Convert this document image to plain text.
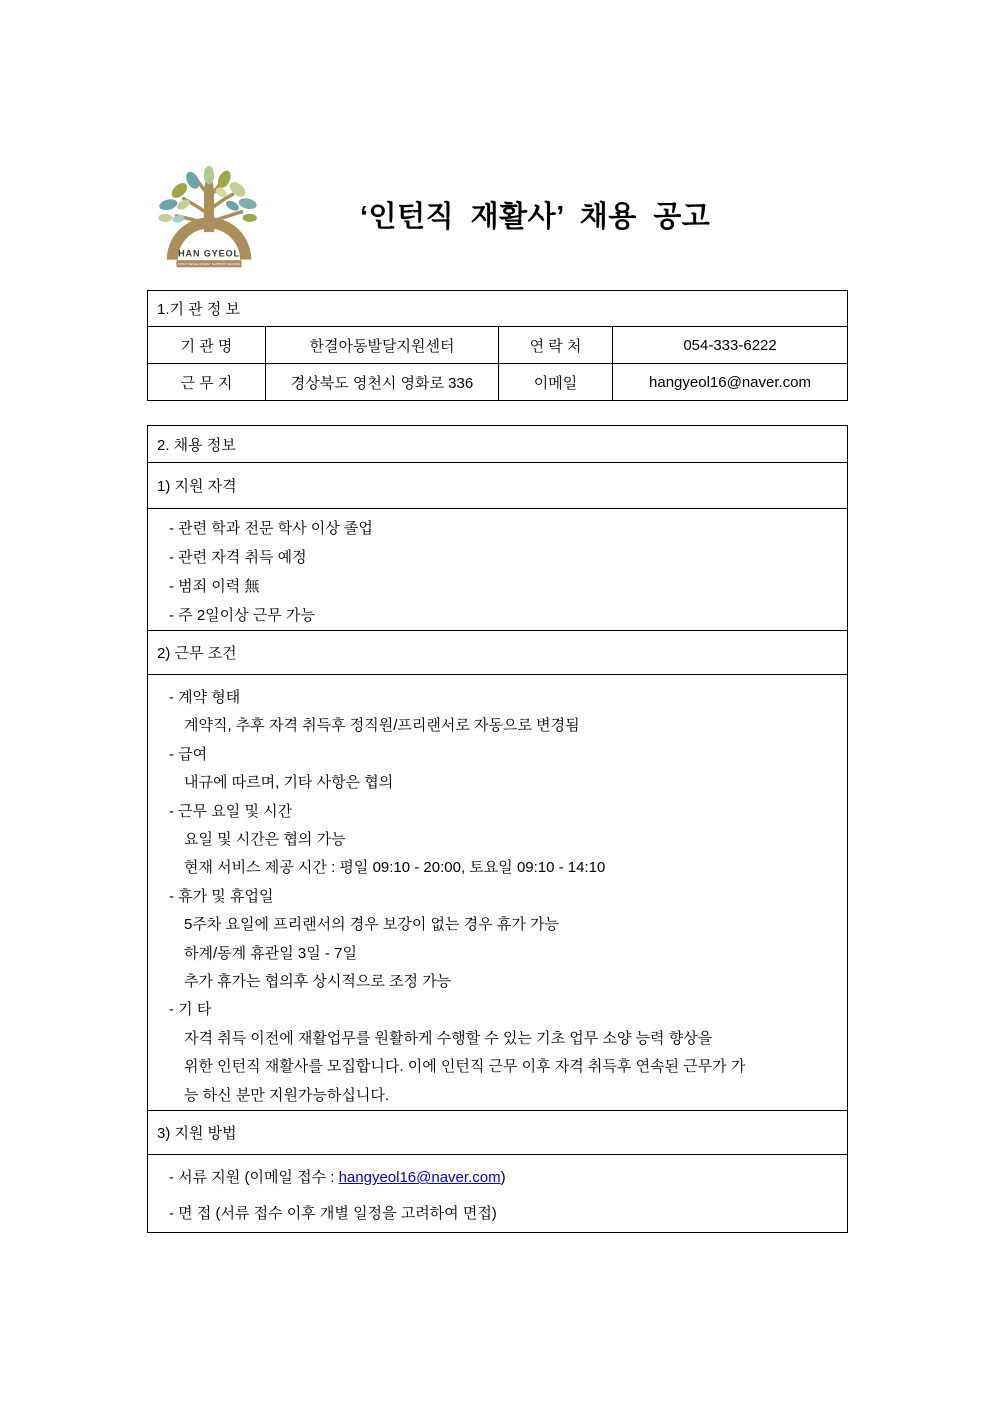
HAN GYEOL
CHILD DEVELOPMENT SUPPORT CENTER
‘인턴직 재활사’ 채용 공고
1.기 관 정 보			
기 관 명	한결아동발달지원센터	연 락 처	054-333-6222
근 무 지	경상북도 영천시 영화로 336	이메일	hangyeol16@naver.com
2. 채용 정보
1) 지원 자격

- 관련 학과 전문 학사 이상 졸업
- 관련 자격 취득 예정
- 범죄 이력 無
- 주 2일이상 근무 가능

2) 근무 조건

- 계약 형태
계약직, 추후 자격 취득후 정직원/프리랜서로 자동으로 변경됨
- 급여
내규에 따르며, 기타 사항은 협의
- 근무 요일 및 시간
요일 및 시간은 협의 가능
현재 서비스 제공 시간 : 평일 09:10 - 20:00, 토요일 09:10 - 14:10
- 휴가 및 휴업일
5주차 요일에 프리랜서의 경우 보강이 없는 경우 휴가 가능
하계/동계 휴관일 3일 - 7일
추가 휴가는 협의후 상시적으로 조정 가능
- 기 타
자격 취득 이전에 재활업무를 원활하게 수행할 수 있는 기초 업무 소양 능력 향상을
위한 인턴직 재활사를 모집합니다. 이에 인턴직 근무 이후 자격 취득후 연속된 근무가 가
능 하신 분만 지원가능하십니다.

3) 지원 방법

- 서류 지원 (이메일 접수 : hangyeol16@naver.com)
- 면 접 (서류 접수 이후 개별 일정을 고려하여 면접)
